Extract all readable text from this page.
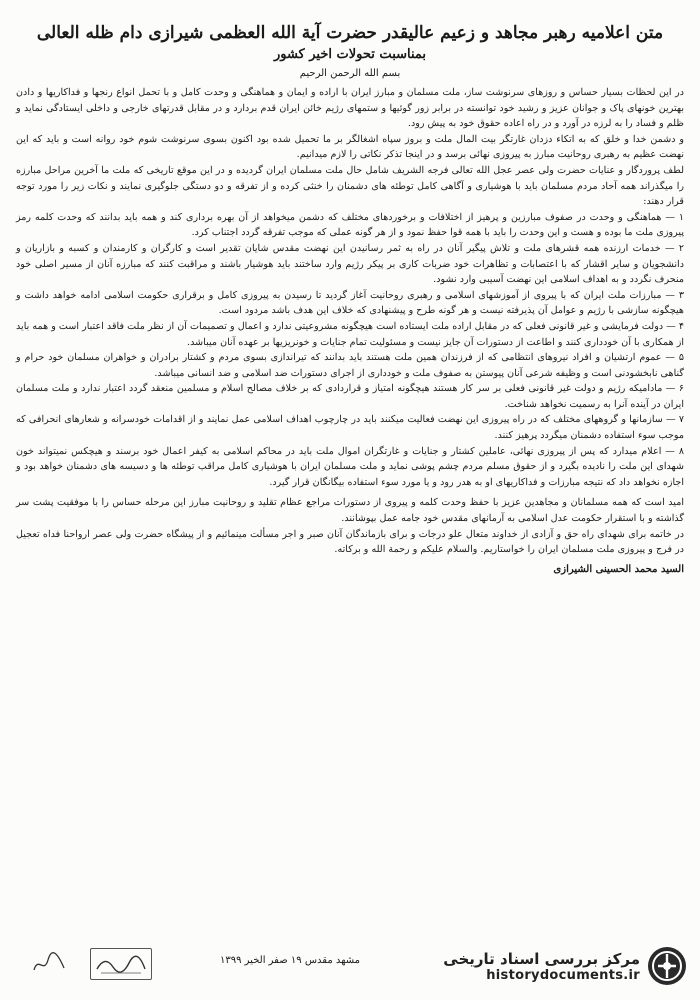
متن اعلامیه رهبر مجاهد و زعیم عالیقدر حضرت آیة الله العظمی شیرازی دام ظله العالی
بمناسبت تحولات اخیر کشور
بسم الله الرحمن الرحیم

در این لحظات بسیار حساس و روزهای سرنوشت ساز، ملت مسلمان و مبارز ایران با اراده و ایمان و هماهنگی و وحدت کامل و با تحمل انواع رنجها و فداکاریها و دادن بهترین خونهای پاک و جوانان عزیز و رشید خود توانسته در برابر زور گوئیها و ستمهای رژیم خائن ایران قدم بردارد و در مقابل قدرتهای خارجی و داخلی ایستادگی نماید و ظلم و فساد را به لرزه در آورد و در راه اعاده حقوق خود به پیش رود.

و دشمن خدا و خلق که به اتکاء دزدان غارتگر بیت المال ملت و بروز سپاه اشغالگر بر ما تحمیل شده بود اکنون بسوی سرنوشت شوم خود روانه است و باید که این نهضت عظیم به رهبری روحانیت مبارز به پیروزی نهائی برسد و در اینجا تذکر نکاتی را لازم میدانیم.

لطف پروردگار و عنایات حضرت ولی عصر عجل الله تعالی فرجه الشریف شامل حال ملت مسلمان ایران گردیده و در این موقع تاریخی که ملت ما آخرین مراحل مبارزه را میگذراند همه آحاد مردم مسلمان باید با هوشیاری و آگاهی کامل توطئه های دشمنان را خنثی کرده و از تفرقه و دو دستگی جلوگیری نمایند و نکات زیر را مورد توجه قرار دهند:

۱ — هماهنگی و وحدت در صفوف مبارزین و پرهیز از اختلافات و برخوردهای مختلف که دشمن میخواهد از آن بهره برداری کند و همه باید بدانند که وحدت کلمه رمز پیروزی ملت ما بوده و هست و این وحدت را باید با همه قوا حفظ نمود و از هر گونه عملی که موجب تفرقه گردد اجتناب کرد.

۲ — خدمات ارزنده همه قشرهای ملت و تلاش پیگیر آنان در راه به ثمر رسانیدن این نهضت مقدس شایان تقدیر است و کارگران و کارمندان و کسبه و بازاریان و دانشجویان و سایر اقشار که با اعتصابات و تظاهرات خود ضربات کاری بر پیکر رژیم وارد ساختند باید هوشیار باشند و مراقبت کنند که مبارزه آنان از مسیر اصلی خود منحرف نگردد و به اهداف اسلامی این نهضت آسیبی وارد نشود.

۳ — مبارزات ملت ایران که با پیروی از آموزشهای اسلامی و رهبری روحانیت آغاز گردید تا رسیدن به پیروزی کامل و برقراری حکومت اسلامی ادامه خواهد داشت و هیچگونه سازشی با رژیم و عوامل آن پذیرفته نیست و هر گونه طرح و پیشنهادی که خلاف این هدف باشد مردود است.

۴ — دولت فرمایشی و غیر قانونی فعلی که در مقابل اراده ملت ایستاده است هیچگونه مشروعیتی ندارد و اعمال و تصمیمات آن از نظر ملت فاقد اعتبار است و همه باید از همکاری با آن خودداری کنند و اطاعت از دستورات آن جایز نیست و مسئولیت تمام جنایات و خونریزیها بر عهده آنان میباشد.

۵ — عموم ارتشیان و افراد نیروهای انتظامی که از فرزندان همین ملت هستند باید بدانند که تیراندازی بسوی مردم و کشتار برادران و خواهران مسلمان خود حرام و گناهی نابخشودنی است و وظیفه شرعی آنان پیوستن به صفوف ملت و خودداری از اجرای دستورات ضد اسلامی و ضد انسانی میباشد.

۶ — مادامیکه رژیم و دولت غیر قانونی فعلی بر سر کار هستند هیچگونه امتیاز و قراردادی که بر خلاف مصالح اسلام و مسلمین منعقد گردد اعتبار ندارد و ملت مسلمان ایران در آینده آنرا به رسمیت نخواهد شناخت.

۷ — سازمانها و گروههای مختلف که در راه پیروزی این نهضت فعالیت میکنند باید در چارچوب اهداف اسلامی عمل نمایند و از اقدامات خودسرانه و شعارهای انحرافی که موجب سوء استفاده دشمنان میگردد پرهیز کنند.

۸ — اعلام میدارد که پس از پیروزی نهائی، عاملین کشتار و جنایات و غارتگران اموال ملت باید در محاکم اسلامی به کیفر اعمال خود برسند و هیچکس نمیتواند خون شهدای این ملت را نادیده بگیرد و از حقوق مسلم مردم چشم پوشی نماید و ملت مسلمان ایران با هوشیاری کامل مراقب توطئه ها و دسیسه های دشمنان خواهد بود و اجازه نخواهد داد که نتیجه مبارزات و فداکاریهای او به هدر رود و یا مورد سوء استفاده بیگانگان قرار گیرد.

امید است که همه مسلمانان و مجاهدین عزیز با حفظ وحدت کلمه و پیروی از دستورات مراجع عظام تقلید و روحانیت مبارز این مرحله حساس را با موفقیت پشت سر گذاشته و با استقرار حکومت عدل اسلامی به آرمانهای مقدس خود جامه عمل بپوشانند.

در خاتمه برای شهدای راه حق و آزادی از خداوند متعال علو درجات و برای بازماندگان آنان صبر و اجر مسألت مینمائیم و از پیشگاه حضرت ولی عصر ارواحنا فداه تعجیل در فرج و پیروزی ملت مسلمان ایران را خواستاریم. والسلام علیکم و رحمة الله و برکاته.

السید محمد الحسینی الشیرازی
مشهد مقدس ۱۹ صفر الخیر ۱۳۹۹	مرکز بررسی اسناد تاریخی
historydocuments.ir
